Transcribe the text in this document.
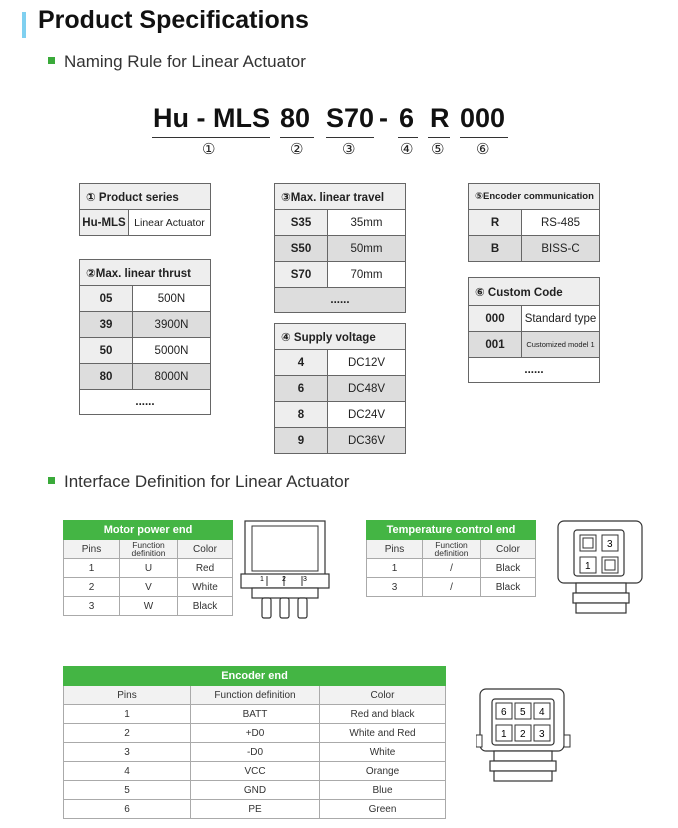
Product Specifications
Naming Rule for Linear Actuator
Hu - MLS 80 S70 - 6 R 000
①	②	③	④ ⑤ ⑥
① Product series
Hu-MLS	Linear Actuator
②Max. linear thrust	
05	500N
39	3900N
50	5000N
80	8000N
......	
③Max. linear travel	
S35	35mm
S50	50mm
S70	70mm
......	
④ Supply voltage	
4	DC12V
6	DC48V
8	DC24V
9	DC36V
⑤Encoder communication	
R	RS-485
B	BISS-C
⑥ Custom Code	
000	Standard type
001	Customized model 1
......	
Interface Definition for Linear Actuator
Motor power end		
Pins	Function definition	Color
1	U	Red
2	V	White
3	W	Black
1	2 3
Temperature control end		
Pins	Function definition	Color
1	/	Black
3	/	Black
3
1
Encoder end		
Pins	Function definition	Color
1	BATT	Red and black
2	+D0	White and Red
3	-D0	White
4	VCC	Orange
5	GND	Blue
6	PE	Green
6 5 4
1 2 3
